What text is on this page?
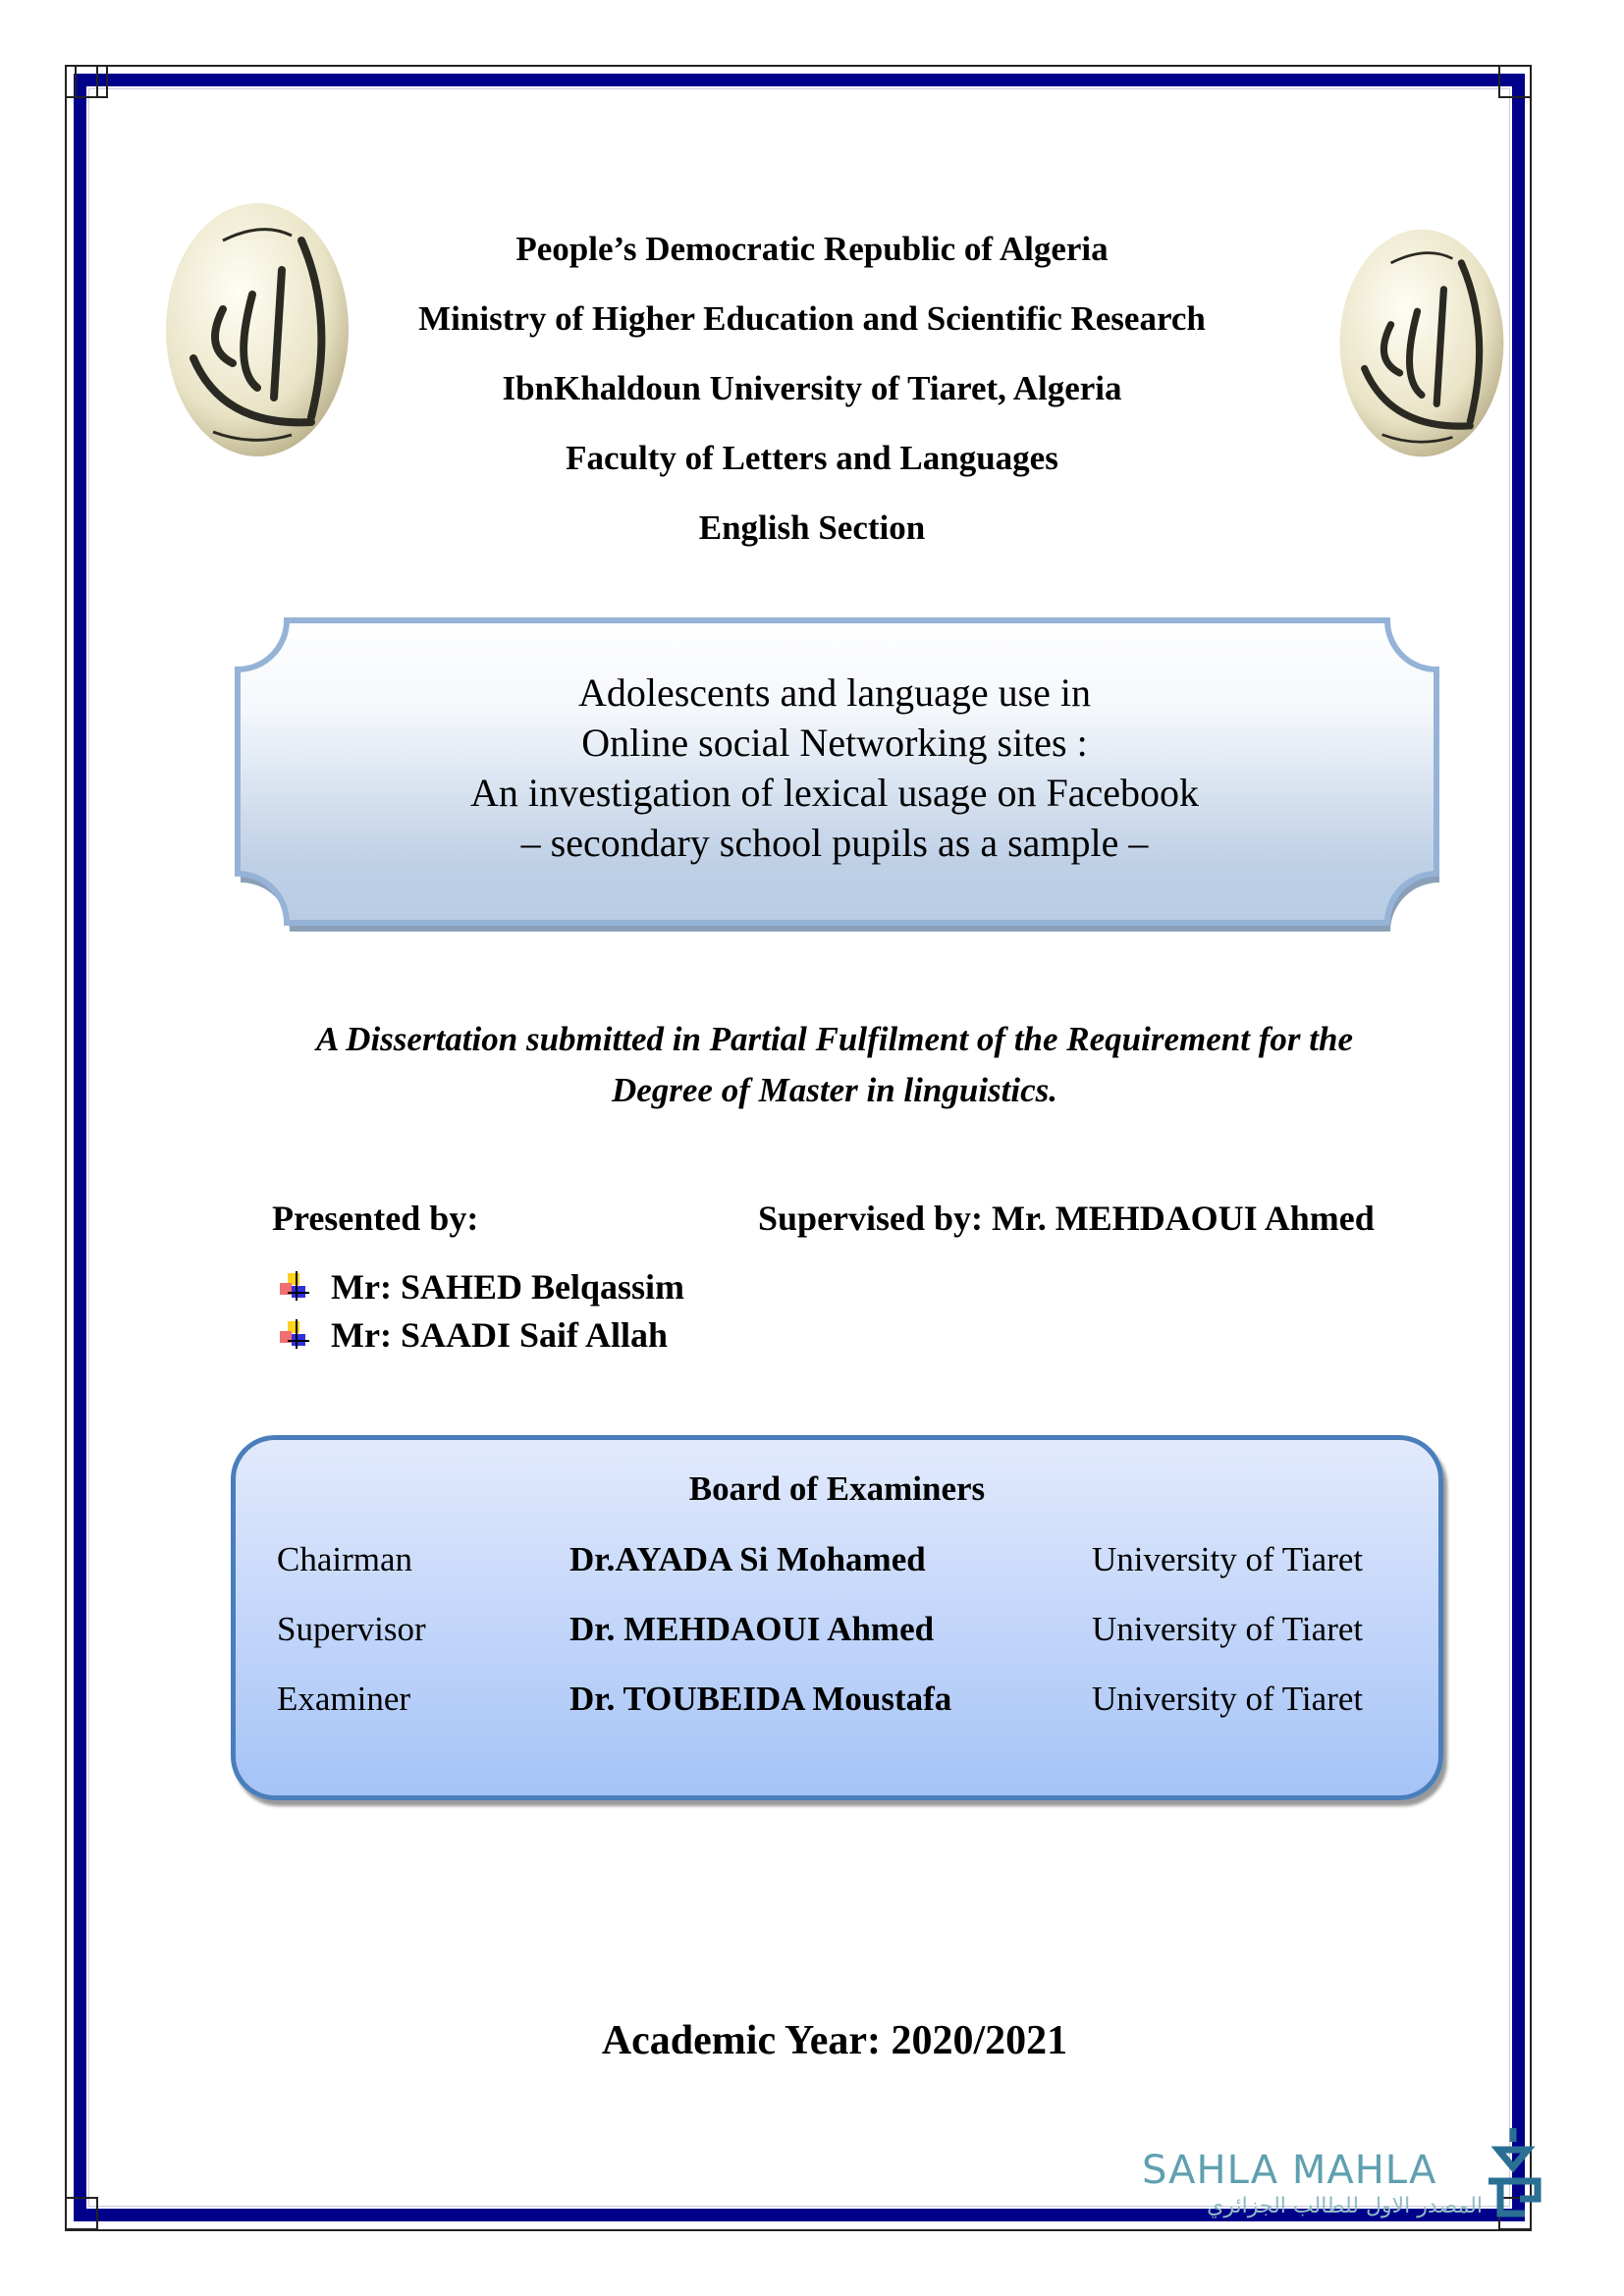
People’s Democratic Republic of Algeria
Ministry of Higher Education and Scientific Research
IbnKhaldoun University of Tiaret, Algeria
Faculty of Letters and Languages
English Section
Adolescents and language use in
Online social Networking sites :
An investigation of lexical usage on Facebook
– secondary school pupils as a sample –
A Dissertation submitted in Partial Fulfilment of the Requirement for the
Degree of Master in linguistics.
Presented by:	Supervised by: Mr. MEHDAOUI Ahmed
Mr: SAHED Belqassim
Mr: SAADI Saif Allah
Board of Examiners
Chairman	Dr.AYADA Si Mohamed	University of Tiaret
Supervisor	Dr. MEHDAOUI Ahmed	University of Tiaret
Examiner	Dr. TOUBEIDA Moustafa	University of Tiaret
Academic Year: 2020/2021
SAHLA MAHLA
المصدر الاول للطالب الجزائري
